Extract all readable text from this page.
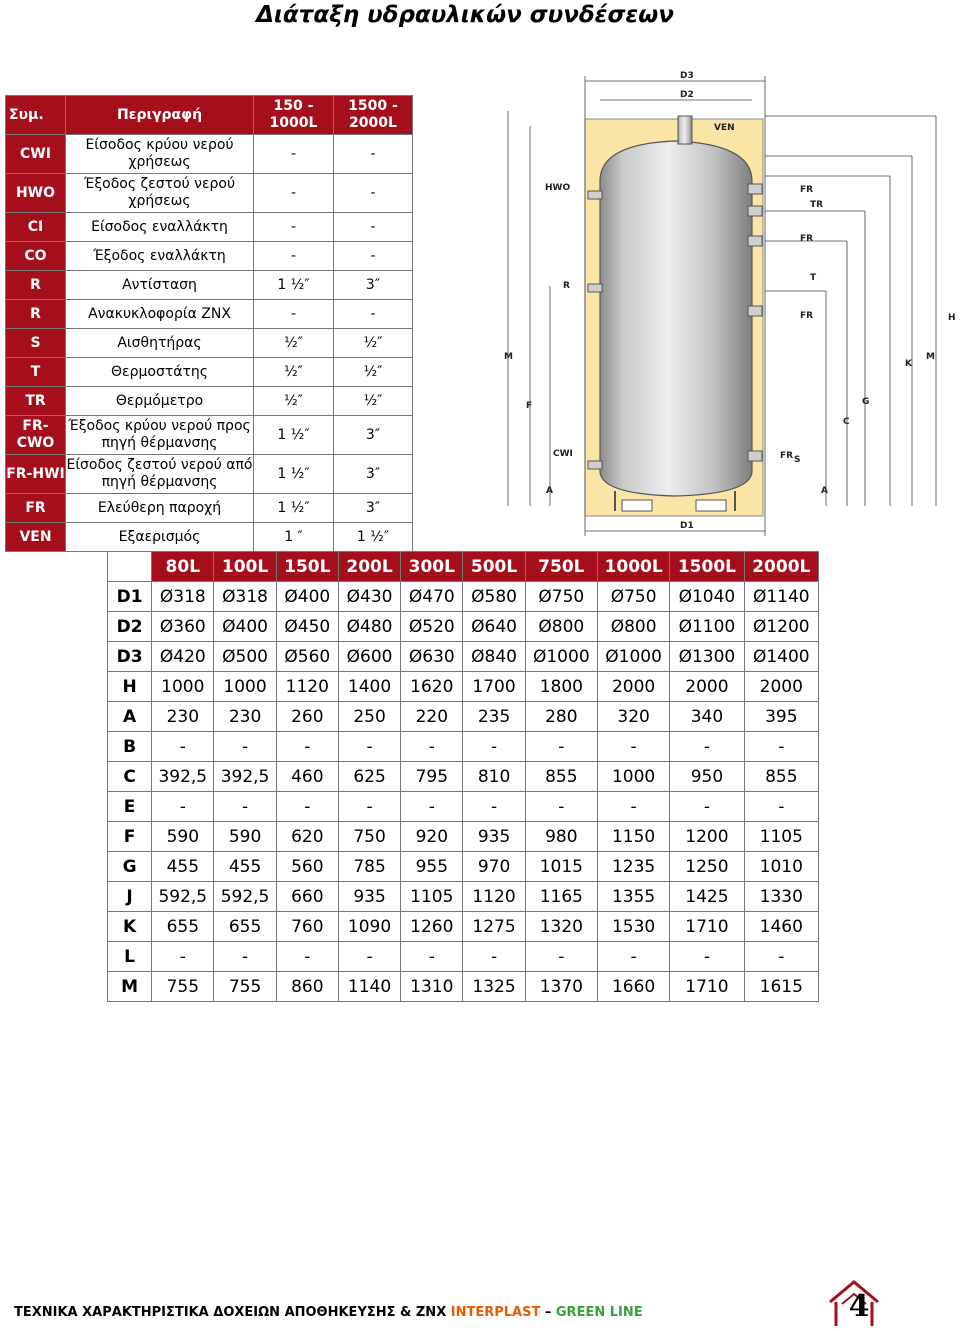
Διάταξη υδραυλικών συνδέσεων
Συμ.	Περιγραφή	150 - 1000L	1500 - 2000L
CWI	Είσοδος κρύου νερού χρήσεως	-	-
HWO	Έξοδος ζεστού νερού χρήσεως	-	-
CI	Είσοδος εναλλάκτη	-	-
CO	Έξοδος εναλλάκτη	-	-
R	Αντίσταση	1 ½″	3″
R	Ανακυκλοφορία ΖΝΧ	-	-
S	Αισθητήρας	½″	½″
T	Θερμοστάτης	½″	½″
TR	Θερμόμετρο	½″	½″
FR-CWO	Έξοδος κρύου νερού προς πηγή θέρμανσης	1 ½″	3″
FR-HWI	Είσοδος ζεστού νερού από πηγή θέρμανσης	1 ½″	3″
FR	Ελεύθερη παροχή	1 ½″	3″
VEN	Εξαερισμός	1 ″	1 ½″
D3
D2
D1
VEN
HWO	FR
TR
FR
R
T
FR
CWI	FR S
A	A
M
F	G
C
K
M
H
	80L	100L	150L	200L	300L	500L	750L	1000L	1500L	2000L
D1	Ø318	Ø318	Ø400	Ø430	Ø470	Ø580	Ø750	Ø750	Ø1040	Ø1140
D2	Ø360	Ø400	Ø450	Ø480	Ø520	Ø640	Ø800	Ø800	Ø1100	Ø1200
D3	Ø420	Ø500	Ø560	Ø600	Ø630	Ø840	Ø1000	Ø1000	Ø1300	Ø1400
H	1000	1000	1120	1400	1620	1700	1800	2000	2000	2000
A	230	230	260	250	220	235	280	320	340	395
B	-	-	-	-	-	-	-	-	-	-
C	392,5	392,5	460	625	795	810	855	1000	950	855
E	-	-	-	-	-	-	-	-	-	-
F	590	590	620	750	920	935	980	1150	1200	1105
G	455	455	560	785	955	970	1015	1235	1250	1010
J	592,5	592,5	660	935	1105	1120	1165	1355	1425	1330
K	655	655	760	1090	1260	1275	1320	1530	1710	1460
L	-	-	-	-	-	-	-	-	-	-
M	755	755	860	1140	1310	1325	1370	1660	1710	1615
ΤΕΧΝΙΚΑ ΧΑΡΑΚΤΗΡΙΣΤΙΚΑ ΔΟΧΕΙΩΝ ΑΠΟΘΗΚΕΥΣΗΣ & ΖΝΧ INTERPLAST – GREEN LINE	4
